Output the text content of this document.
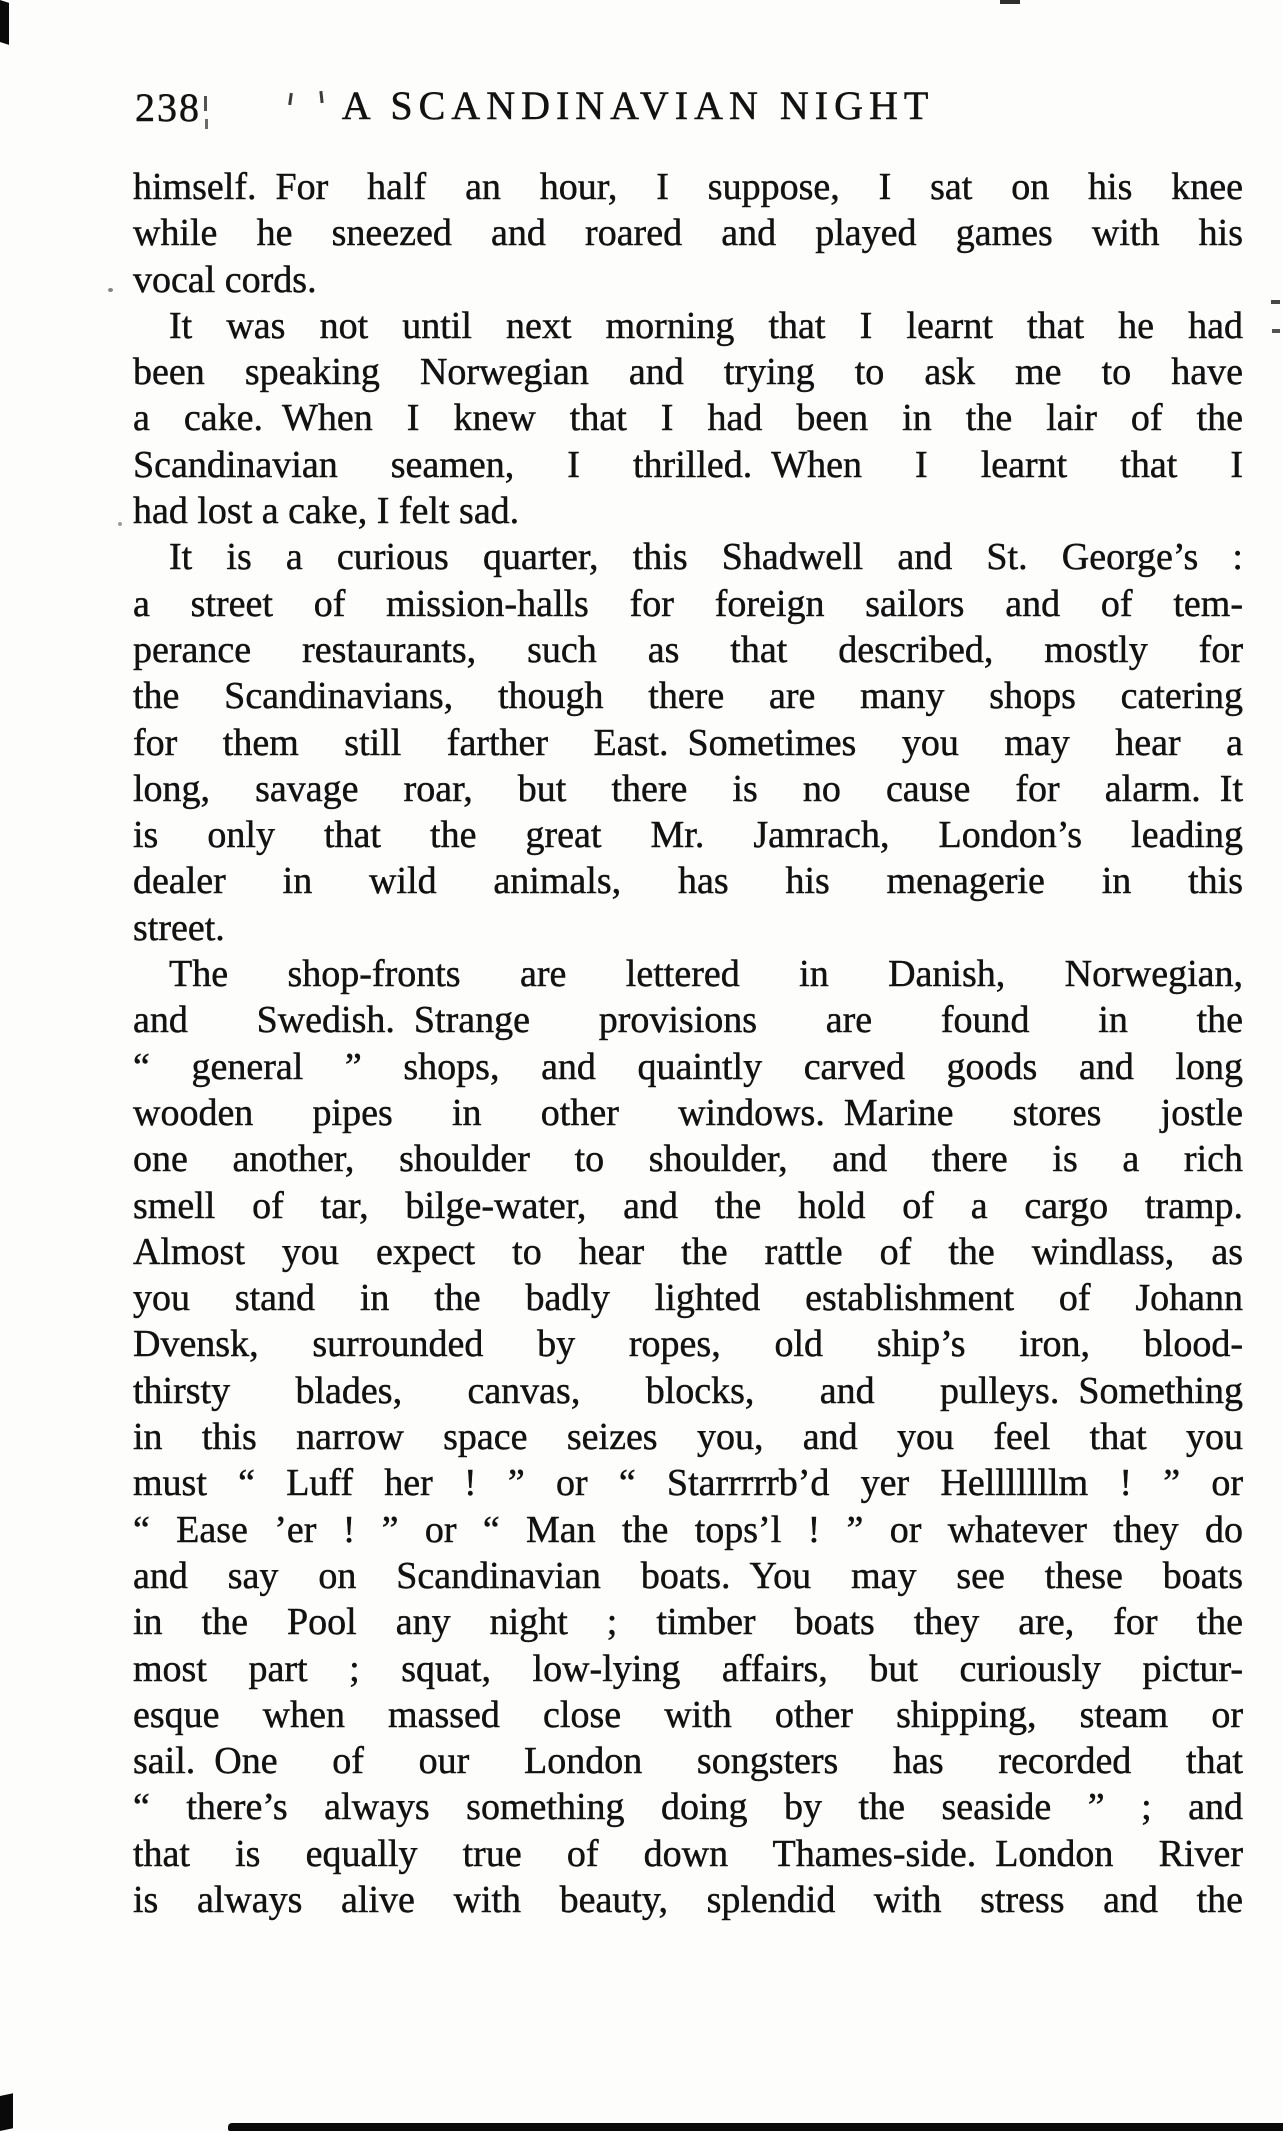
238	A SCANDINAVIAN NIGHT
himself. For half an hour, I suppose, I sat on his knee
while he sneezed and roared and played games with his
vocal cords.
It was not until next morning that I learnt that he had
been speaking Norwegian and trying to ask me to have
a cake. When I knew that I had been in the lair of the
Scandinavian seamen, I thrilled. When I learnt that I
had lost a cake, I felt sad.
It is a curious quarter, this Shadwell and St. George’s :
a street of mission-halls for foreign sailors and of tem-
perance restaurants, such as that described, mostly for
the Scandinavians, though there are many shops catering
for them still farther East. Sometimes you may hear a
long, savage roar, but there is no cause for alarm. It
is only that the great Mr. Jamrach, London’s leading
dealer in wild animals, has his menagerie in this
street.
The shop-fronts are lettered in Danish, Norwegian,
and Swedish. Strange provisions are found in the
“ general ” shops, and quaintly carved goods and long
wooden pipes in other windows. Marine stores jostle
one another, shoulder to shoulder, and there is a rich
smell of tar, bilge-water, and the hold of a cargo tramp.
Almost you expect to hear the rattle of the windlass, as
you stand in the badly lighted establishment of Johann
Dvensk, surrounded by ropes, old ship’s iron, blood-
thirsty blades, canvas, blocks, and pulleys. Something
in this narrow space seizes you, and you feel that you
must “ Luff her ! ” or “ Starrrrrb’d yer Helllllllm ! ” or
“ Ease ’er ! ” or “ Man the tops’l ! ” or whatever they do
and say on Scandinavian boats. You may see these boats
in the Pool any night ; timber boats they are, for the
most part ; squat, low-lying affairs, but curiously pictur-
esque when massed close with other shipping, steam or
sail. One of our London songsters has recorded that
“ there’s always something doing by the seaside ” ; and
that is equally true of down Thames-side. London River
is always alive with beauty, splendid with stress and the
